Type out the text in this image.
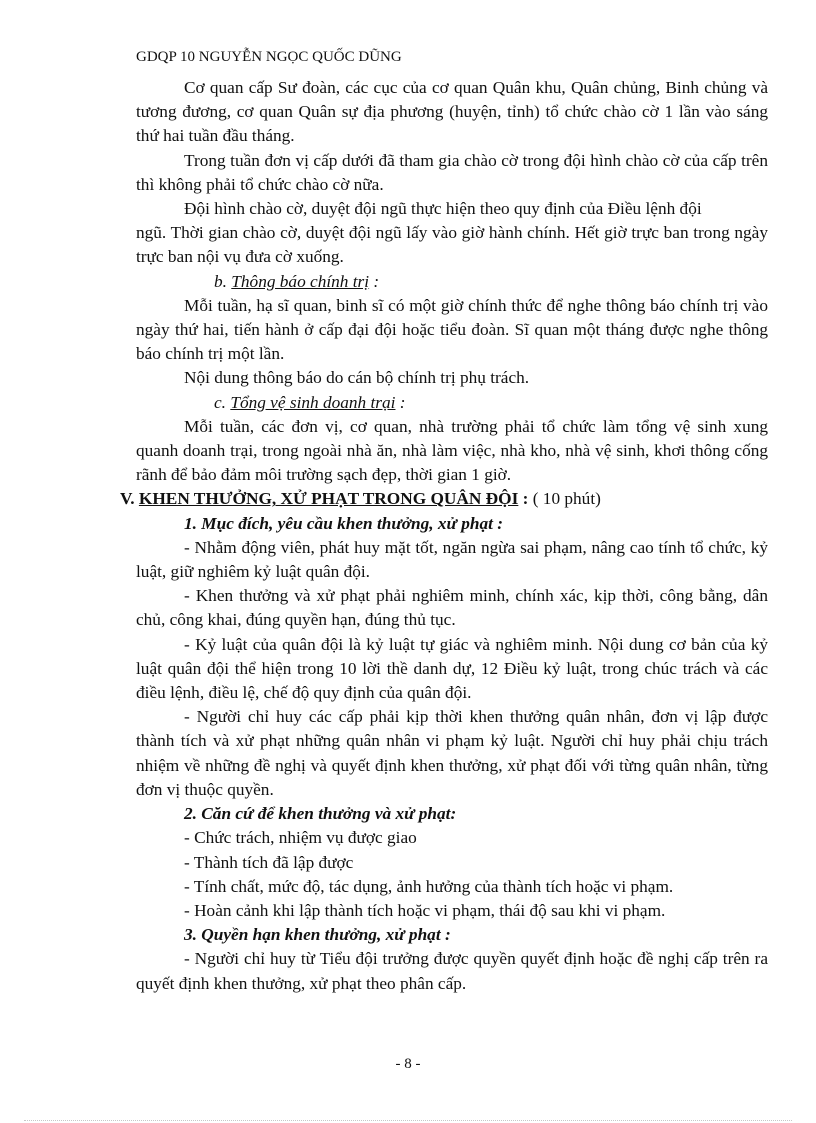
GDQP 10 NGUYỄN NGỌC QUỐC DŨNG

Cơ quan cấp Sư đoàn, các cục của cơ quan Quân khu, Quân chủng, Binh chủng và tương đương, cơ quan Quân sự địa phương (huyện, tỉnh) tổ chức chào cờ 1 lần vào sáng thứ hai tuần đầu tháng.

Trong tuần đơn vị cấp dưới đã tham gia chào cờ trong đội hình chào cờ của cấp trên thì không phải tổ chức chào cờ nữa.

Đội hình chào cờ, duyệt đội ngũ thực hiện theo quy định của Điều lệnh đội

ngũ. Thời gian chào cờ, duyệt đội ngũ lấy vào giờ hành chính. Hết giờ trực ban trong ngày trực ban nội vụ đưa cờ xuống.

b. Thông báo chính trị :

Mỗi tuần, hạ sĩ quan, binh sĩ có một giờ chính thức để nghe thông báo chính trị vào ngày thứ hai, tiến hành ở cấp đại đội hoặc tiểu đoàn. Sĩ quan một tháng được nghe thông báo chính trị một lần.

Nội dung thông báo do cán bộ chính trị phụ trách.

c. Tổng vệ sinh doanh trại :

Mỗi tuần, các đơn vị, cơ quan, nhà trường phải tổ chức làm tổng vệ sinh xung quanh doanh trại, trong ngoài nhà ăn, nhà làm việc, nhà kho, nhà vệ sinh, khơi thông cống rãnh để bảo đảm môi trường sạch đẹp, thời gian 1 giờ.

V. KHEN THƯỞNG, XỬ PHẠT TRONG QUÂN ĐỘI : ( 10 phút)

1. Mục đích, yêu cầu khen thưởng, xử phạt :

- Nhằm động viên, phát huy mặt tốt, ngăn ngừa sai phạm, nâng cao tính tổ chức, kỷ luật, giữ nghiêm kỷ luật quân đội.

- Khen thưởng và xử phạt phải nghiêm minh, chính xác, kịp thời, công bằng, dân chủ, công khai, đúng quyền hạn, đúng thủ tục.

- Kỷ luật của quân đội là kỷ luật tự giác và nghiêm minh. Nội dung cơ bản của kỷ luật quân đội thể hiện trong 10 lời thề danh dự, 12 Điều kỷ luật, trong chúc trách và các điều lệnh, điều lệ, chế độ quy định của quân đội.

- Người chỉ huy các cấp phải kịp thời khen thưởng quân nhân, đơn vị lập được thành tích và xử phạt những quân nhân vi phạm kỷ luật. Người chỉ huy phải chịu trách nhiệm về những đề nghị và quyết định khen thưởng, xử phạt đối với từng quân nhân, từng đơn vị thuộc quyền.

2. Căn cứ để khen thưởng và xử phạt:

- Chức trách, nhiệm vụ được giao

- Thành tích đã lập được

- Tính chất, mức độ, tác dụng, ảnh hưởng của thành tích hoặc vi phạm.

- Hoàn cảnh khi lập thành tích hoặc vi phạm, thái độ sau khi vi phạm.

3. Quyền hạn khen thưởng, xử phạt :

- Người chỉ huy từ Tiểu đội trưởng được quyền quyết định hoặc đề nghị cấp trên ra quyết định khen thưởng, xử phạt theo phân cấp.

- 8 -
